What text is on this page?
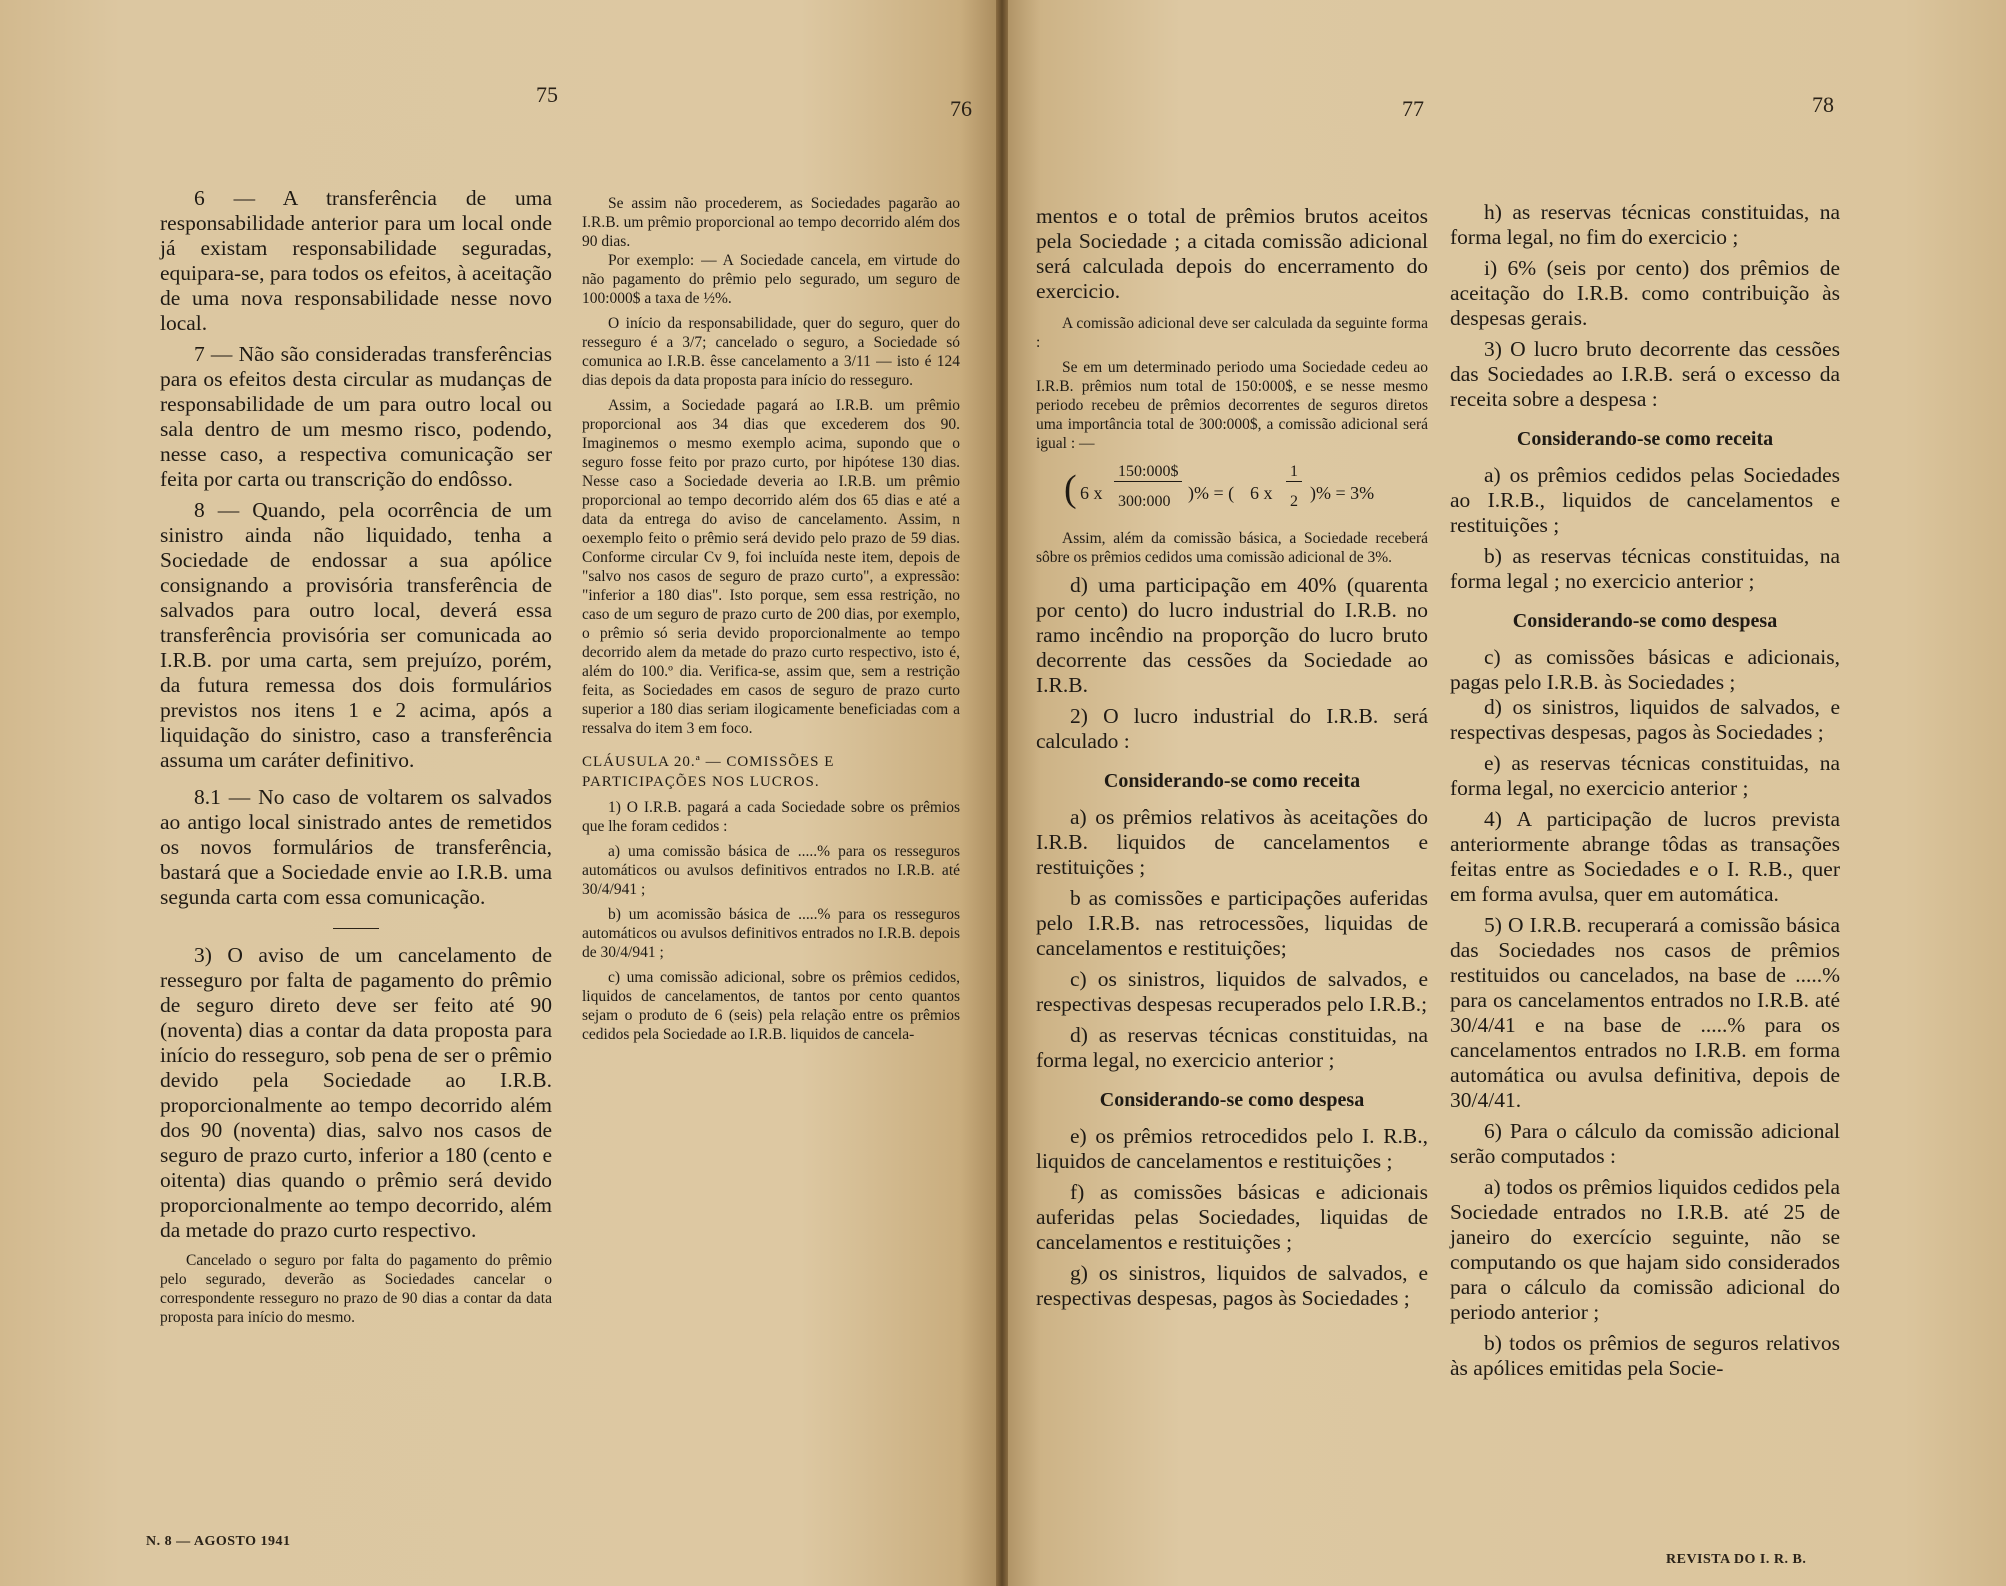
75
76	77	78

6 — A transferência de uma responsabilidade anterior para um local onde já existam responsabilidade seguradas, equipara-se, para todos os efeitos, à aceitação de uma nova responsabilidade nesse novo local.

7 — Não são consideradas transferências para os efeitos desta circular as mudanças de responsabilidade de um para outro local ou sala dentro de um mesmo risco, podendo, nesse caso, a respectiva comunicação ser feita por carta ou transcrição do endôsso.

8 — Quando, pela ocorrência de um sinistro ainda não liquidado, tenha a Sociedade de endossar a sua apólice consignando a provisória transferência de salvados para outro local, deverá essa transferência provisória ser comunicada ao I.R.B. por uma carta, sem prejuízo, porém, da futura remessa dos dois formulários previstos nos itens 1 e 2 acima, após a liquidação do sinistro, caso a transferência assuma um caráter definitivo.

8.1 — No caso de voltarem os salvados ao antigo local sinistrado antes de remetidos os novos formulários de transferência, bastará que a Sociedade envie ao I.R.B. uma segunda carta com essa comunicação.

3) O aviso de um cancelamento de resseguro por falta de pagamento do prêmio de seguro direto deve ser feito até 90 (noventa) dias a contar da data proposta para início do resseguro, sob pena de ser o prêmio devido pela Sociedade ao I.R.B. proporcionalmente ao tempo decorrido além dos 90 (noventa) dias, salvo nos casos de seguro de prazo curto, inferior a 180 (cento e oitenta) dias quando o prêmio será devido proporcionalmente ao tempo decorrido, além da metade do prazo curto respectivo.

Cancelado o seguro por falta do pagamento do prêmio pelo segurado, deverão as Sociedades cancelar o correspondente resseguro no prazo de 90 dias a contar da data proposta para início do mesmo.

Se assim não procederem, as Sociedades pagarão ao I.R.B. um prêmio proporcional ao tempo decorrido além dos 90 dias.

Por exemplo: — A Sociedade cancela, em virtude do não pagamento do prêmio pelo segurado, um seguro de 100:000$ a taxa de ½%.

O início da responsabilidade, quer do seguro, quer do resseguro é a 3/7; cancelado o seguro, a Sociedade só comunica ao I.R.B. êsse cancelamento a 3/11 — isto é 124 dias depois da data proposta para início do resseguro.

Assim, a Sociedade pagará ao I.R.B. um prêmio proporcional aos 34 dias que excederem dos 90. Imaginemos o mesmo exemplo acima, supondo que o seguro fosse feito por prazo curto, por hipótese 130 dias. Nesse caso a Sociedade deveria ao I.R.B. um prêmio proporcional ao tempo decorrido além dos 65 dias e até a data da entrega do aviso de cancelamento. Assim, n oexemplo feito o prêmio será devido pelo prazo de 59 dias. Conforme circular Cv 9, foi incluída neste item, depois de "salvo nos casos de seguro de prazo curto", a expressão: "inferior a 180 dias". Isto porque, sem essa restrição, no caso de um seguro de prazo curto de 200 dias, por exemplo, o prêmio só seria devido proporcionalmente ao tempo decorrido alem da metade do prazo curto respectivo, isto é, além do 100.º dia. Verifica-se, assim que, sem a restrição feita, as Sociedades em casos de seguro de prazo curto superior a 180 dias seriam ilogicamente beneficiadas com a ressalva do item 3 em foco.

CLÁUSULA 20.ª — COMISSÕES E PARTICIPAÇÕES NOS LUCROS.

1) O I.R.B. pagará a cada Sociedade sobre os prêmios que lhe foram cedidos :

a) uma comissão básica de .....% para os resseguros automáticos ou avulsos definitivos entrados no I.R.B. até 30/4/941 ;

b) um acomissão básica de .....% para os resseguros automáticos ou avulsos definitivos entrados no I.R.B. depois de 30/4/941 ;

c) uma comissão adicional, sobre os prêmios cedidos, liquidos de cancelamentos, de tantos por cento quantos sejam o produto de 6 (seis) pela relação entre os prêmios cedidos pela Sociedade ao I.R.B. liquidos de cancela-

mentos e o total de prêmios brutos aceitos pela Sociedade ; a citada comissão adicional será calculada depois do encerramento do exercicio.

A comissão adicional deve ser calculada da seguinte forma :

Se em um determinado periodo uma Sociedade cedeu ao I.R.B. prêmios num total de 150:000$, e se nesse mesmo periodo recebeu de prêmios decorrentes de seguros diretos uma importância total de 300:000$, a comissão adicional será igual : —

( 6 x
150:000$
300:000 )% = ( 6 x
1
2 )% = 3%

Assim, além da comissão básica, a Sociedade receberá sôbre os prêmios cedidos uma comissão adicional de 3%.

d) uma participação em 40% (quarenta por cento) do lucro industrial do I.R.B. no ramo incêndio na proporção do lucro bruto decorrente das cessões da Sociedade ao I.R.B.

2) O lucro industrial do I.R.B. será calculado :

Considerando-se como receita

a) os prêmios relativos às aceitações do I.R.B. liquidos de cancelamentos e restituições ;

b as comissões e participações auferidas pelo I.R.B. nas retrocessões, liquidas de cancelamentos e restituições;

c) os sinistros, liquidos de salvados, e respectivas despesas recuperados pelo I.R.B.;

d) as reservas técnicas constituidas, na forma legal, no exercicio anterior ;

Considerando-se como despesa

e) os prêmios retrocedidos pelo I. R.B., liquidos de cancelamentos e restituições ;

f) as comissões básicas e adicionais auferidas pelas Sociedades, liquidas de cancelamentos e restituições ;

g) os sinistros, liquidos de salvados, e respectivas despesas, pagos às Sociedades ;

h) as reservas técnicas constituidas, na forma legal, no fim do exercicio ;

i) 6% (seis por cento) dos prêmios de aceitação do I.R.B. como contribuição às despesas gerais.

3) O lucro bruto decorrente das cessões das Sociedades ao I.R.B. será o excesso da receita sobre a despesa :

Considerando-se como receita

a) os prêmios cedidos pelas Sociedades ao I.R.B., liquidos de cancelamentos e restituições ;

b) as reservas técnicas constituidas, na forma legal ; no exercicio anterior ;

Considerando-se como despesa

c) as comissões básicas e adicionais, pagas pelo I.R.B. às Sociedades ;

d) os sinistros, liquidos de salvados, e respectivas despesas, pagos às Sociedades ;

e) as reservas técnicas constituidas, na forma legal, no exercicio anterior ;

4) A participação de lucros prevista anteriormente abrange tôdas as transações feitas entre as Sociedades e o I. R.B., quer em forma avulsa, quer em automática.

5) O I.R.B. recuperará a comissão básica das Sociedades nos casos de prêmios restituidos ou cancelados, na base de .....% para os cancelamentos entrados no I.R.B. até 30/4/41 e na base de .....% para os cancelamentos entrados no I.R.B. em forma automática ou avulsa definitiva, depois de 30/4/41.

6) Para o cálculo da comissão adicional serão computados :

a) todos os prêmios liquidos cedidos pela Sociedade entrados no I.R.B. até 25 de janeiro do exercício seguinte, não se computando os que hajam sido considerados para o cálculo da comissão adicional do periodo anterior ;

b) todos os prêmios de seguros relativos às apólices emitidas pela Socie-

N. 8 — AGOSTO 1941
REVISTA DO I. R. B.
